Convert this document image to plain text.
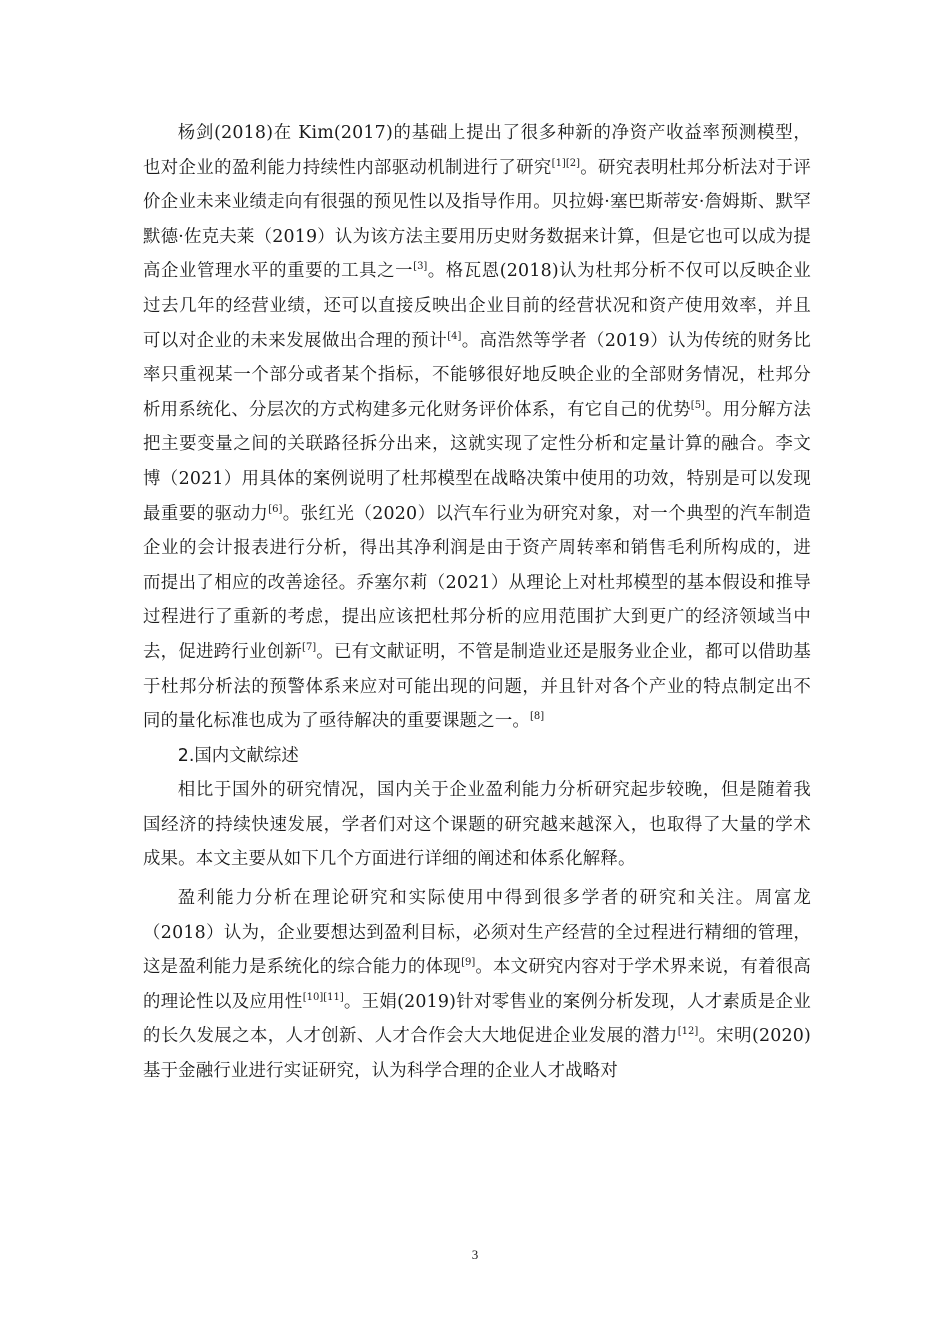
杨剑(2018)在 Kim(2017)的基础上提出了很多种新的净资产收益率预测模型，也对企业的盈利能力持续性内部驱动机制进行了研究[1][2]。研究表明杜邦分析法对于评价企业未来业绩走向有很强的预见性以及指导作用。贝拉姆·塞巴斯蒂安·詹姆斯、默罕默德·佐克夫莱（2019）认为该方法主要用历史财务数据来计算，但是它也可以成为提高企业管理水平的重要的工具之一[3]。格瓦恩(2018)认为杜邦分析不仅可以反映企业过去几年的经营业绩，还可以直接反映出企业目前的经营状况和资产使用效率，并且可以对企业的未来发展做出合理的预计[4]。高浩然等学者（2019）认为传统的财务比率只重视某一个部分或者某个指标，不能够很好地反映企业的全部财务情况，杜邦分析用系统化、分层次的方式构建多元化财务评价体系，有它自己的优势[5]。用分解方法把主要变量之间的关联路径拆分出来，这就实现了定性分析和定量计算的融合。李文博（2021）用具体的案例说明了杜邦模型在战略决策中使用的功效，特别是可以发现最重要的驱动力[6]。张红光（2020）以汽车行业为研究对象，对一个典型的汽车制造企业的会计报表进行分析，得出其净利润是由于资产周转率和销售毛利所构成的，进而提出了相应的改善途径。乔塞尔莉（2021）从理论上对杜邦模型的基本假设和推导过程进行了重新的考虑，提出应该把杜邦分析的应用范围扩大到更广的经济领域当中去，促进跨行业创新[7]。已有文献证明，不管是制造业还是服务业企业，都可以借助基于杜邦分析法的预警体系来应对可能出现的问题，并且针对各个产业的特点制定出不同的量化标准也成为了亟待解决的重要课题之一。[8]

2.国内文献综述

相比于国外的研究情况，国内关于企业盈利能力分析研究起步较晚，但是随着我国经济的持续快速发展，学者们对这个课题的研究越来越深入，也取得了大量的学术成果。本文主要从如下几个方面进行详细的阐述和体系化解释。

盈利能力分析在理论研究和实际使用中得到很多学者的研究和关注。周富龙（2018）认为，企业要想达到盈利目标，必须对生产经营的全过程进行精细的管理，这是盈利能力是系统化的综合能力的体现[9]。本文研究内容对于学术界来说，有着很高的理论性以及应用性[10][11]。王娟(2019)针对零售业的案例分析发现，人才素质是企业的长久发展之本，人才创新、人才合作会大大地促进企业发展的潜力[12]。宋明(2020)基于金融行业进行实证研究，认为科学合理的企业人才战略对

3
